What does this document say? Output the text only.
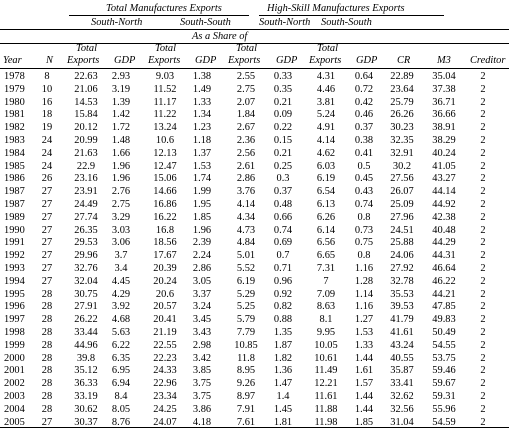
Total Manufactures Exports	High-Skill Manufactures Exports
South-North	South-South	South-North South-South
As a Share of
Total	Total	Total	Total
Year N Exports GDP Exports GDP Exports GDP Exports GDP CR	M3 Creditor
1978 8 22.63 2.93 9.03 1.38 2.55 0.33 4.31 0.64 22.89 35.04 2
1979 10 21.06 3.19 11.52 1.49 2.75 0.35 4.46 0.72 23.64 37.38 2
1980 16 14.53 1.39 11.17 1.33 2.07 0.21 3.81 0.42 25.79 36.71 2
1981 18 15.84 1.42 11.22 1.34 1.84 0.09 5.24 0.46 26.26 36.66 2
1982 19 20.12 1.72 13.24 1.23 2.67 0.22 4.91 0.37 30.23 38.91 2
1983 24 20.99 1.48 10.6 1.18 2.36 0.15 4.14 0.38 32.35 38.29 2
1984 24 21.63 1.66 12.13 1.37 2.56 0.21 4.62 0.41 32.91 40.24 2
1985 24 22.9 1.96 12.47 1.53 2.61 0.25 6.03 0.5 30.2 41.05 2
1986 26 23.16 1.96 15.06 1.74 2.86 0.3	6.19 0.45 27.56 43.27 2
1987 27 23.91 2.76 14.66 1.99 3.76 0.37 6.54 0.43 26.07 44.14 2
1987 27 24.49 2.75 16.86 1.95 4.14 0.48 6.13 0.74 25.09 44.92 2
1989 27 27.74 3.29 16.22 1.85 4.34 0.66 6.26 0.8 27.96 42.38 2
1990 27 26.35 3.03 16.8 1.96 4.73 0.74 6.14 0.73 24.51 40.48 2
1991 27 29.53 3.06 18.56 2.39 4.84 0.69 6.56 0.75 25.88 44.29 2
1992 27 29.96 3.7 17.67 2.24 5.01 0.7	6.65 0.8 24.06 44.31 2
1993 27 32.76 3.4 20.39 2.86 5.52 0.71 7.31 1.16 27.92 46.64 2
1994 27 32.04 4.45 20.24 3.05 6.19 0.96	7	1.28 32.78 46.22 2
1995 28 30.75 4.29 20.6 3.37 5.29 0.92 7.09 1.14 35.53 44.21 2
1996 28 27.91 3.92 20.57 3.24 5.25 0.82 8.63 1.16 39.53 47.85 2
1997 28 26.22 4.68 20.41 3.45 5.79 0.88	8.1 1.27 41.79 49.83 2
1998 28 33.44 5.63 21.19 3.43 7.79 1.35 9.95 1.53 41.61 50.49 2
1999 28 44.96 6.22 22.55 2.98 10.85 1.87 10.05 1.33 43.24 54.55 2
2000 28 39.8 6.35 22.23 3.42	11.8 1.82 10.61 1.44 40.55 53.75 2
2001 28 35.12 6.95 24.33 3.85 8.95 1.36 11.49 1.61 35.87 59.46 2
2002 28 36.33 6.94 22.96 3.75 9.26 1.47 12.21 1.57 33.41 59.67 2
2003 28 33.19 8.4 23.34 3.75 8.97 1.4 11.61 1.44 32.62 59.31 2
2004 28 30.62 8.05 24.25 3.86 7.91 1.45 11.88 1.44 32.56 55.96 2
2005 27 30.37 8.76 24.07 4.18 7.61 1.81 11.98 1.85 31.04 54.59 2
